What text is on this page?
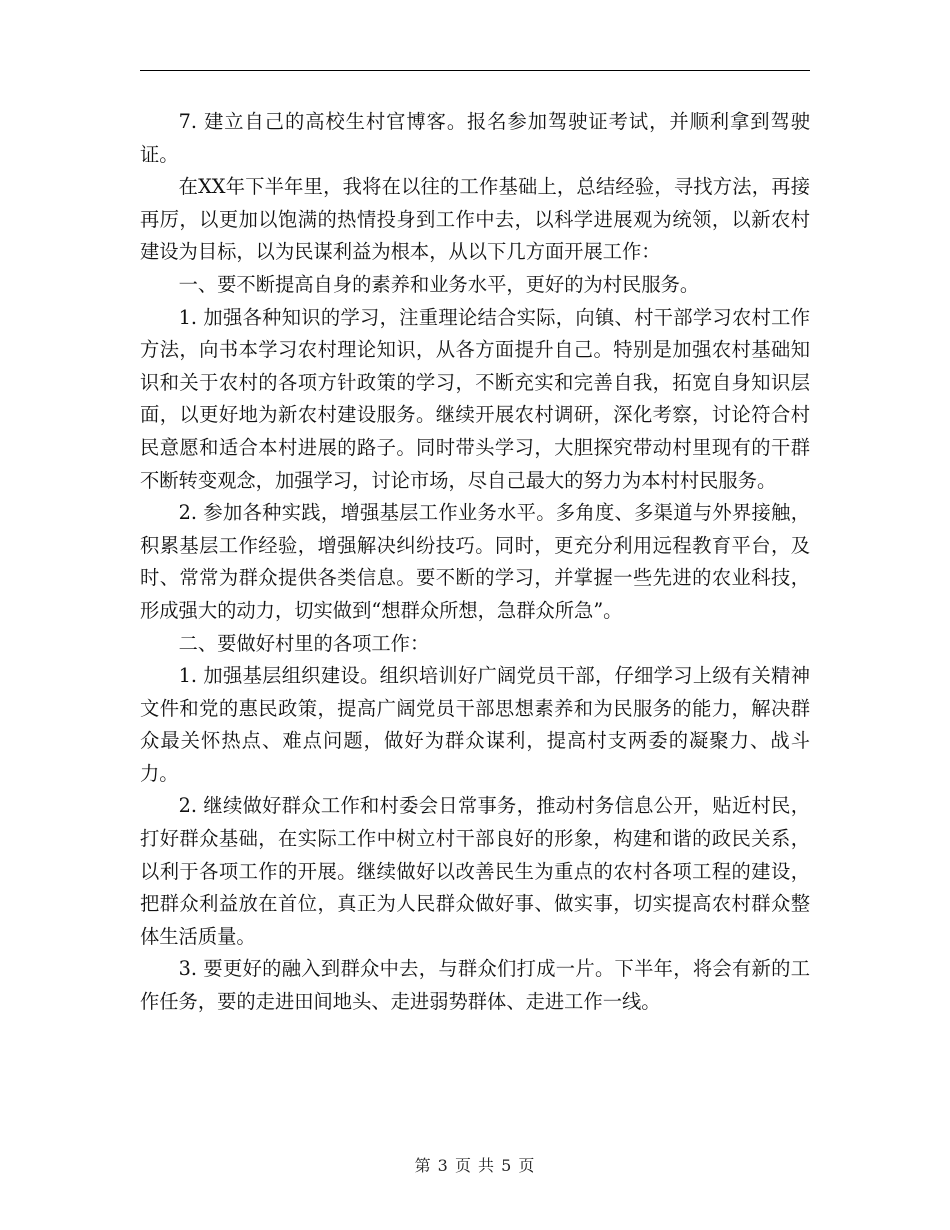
7. 建立自己的高校生村官博客。报名参加驾驶证考试，并顺利拿到驾驶证。

在XX年下半年里，我将在以往的工作基础上，总结经验，寻找方法，再接再厉，以更加以饱满的热情投身到工作中去，以科学进展观为统领，以新农村建设为目标，以为民谋利益为根本，从以下几方面开展工作：

一、要不断提高自身的素养和业务水平，更好的为村民服务。

1. 加强各种知识的学习，注重理论结合实际，向镇、村干部学习农村工作方法，向书本学习农村理论知识，从各方面提升自己。特别是加强农村基础知识和关于农村的各项方针政策的学习，不断充实和完善自我，拓宽自身知识层面，以更好地为新农村建设服务。继续开展农村调研，深化考察，讨论符合村民意愿和适合本村进展的路子。同时带头学习，大胆探究带动村里现有的干群不断转变观念，加强学习，讨论市场，尽自己最大的努力为本村村民服务。

2. 参加各种实践，增强基层工作业务水平。多角度、多渠道与外界接触，积累基层工作经验，增强解决纠纷技巧。同时，更充分利用远程教育平台，及时、常常为群众提供各类信息。要不断的学习，并掌握一些先进的农业科技，形成强大的动力，切实做到“想群众所想，急群众所急”。

二、要做好村里的各项工作：

1. 加强基层组织建设。组织培训好广阔党员干部，仔细学习上级有关精神文件和党的惠民政策，提高广阔党员干部思想素养和为民服务的能力，解决群众最关怀热点、难点问题，做好为群众谋利，提高村支两委的凝聚力、战斗力。

2. 继续做好群众工作和村委会日常事务，推动村务信息公开，贴近村民，打好群众基础，在实际工作中树立村干部良好的形象，构建和谐的政民关系，以利于各项工作的开展。继续做好以改善民生为重点的农村各项工程的建设，把群众利益放在首位，真正为人民群众做好事、做实事，切实提高农村群众整体生活质量。

3. 要更好的融入到群众中去，与群众们打成一片。下半年，将会有新的工作任务，要的走进田间地头、走进弱势群体、走进工作一线。

第 3 页 共 5 页
